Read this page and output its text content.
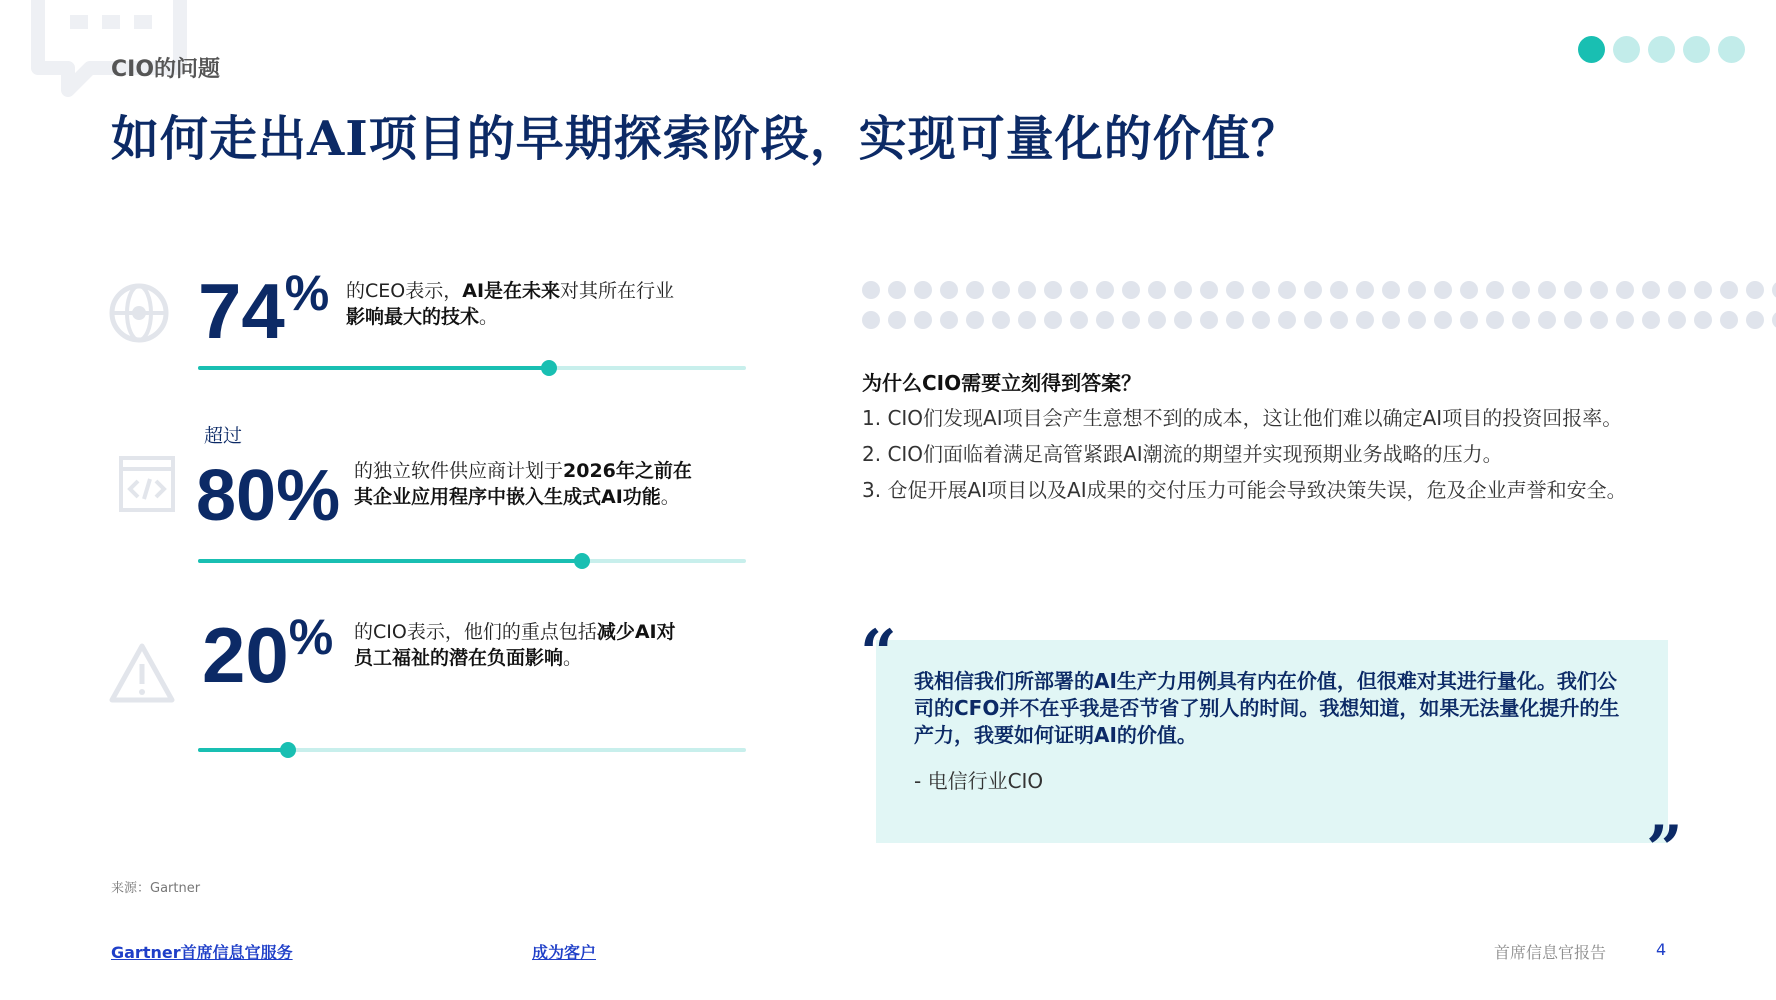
CIO的问题
如何走出AI项目的早期探索阶段，实现可量化的价值？
74% 的CEO表示，AI是在未来对其所在行业
影响最大的技术。
超过
80% 的独立软件供应商计划于2026年之前在
其企业应用程序中嵌入生成式AI功能。
20% 的CIO表示，他们的重点包括减少AI对
员工福祉的潜在负面影响。
为什么CIO需要立刻得到答案？
1. CIO们发现AI项目会产生意想不到的成本，这让他们难以确定AI项目的投资回报率。
2. CIO们面临着满足高管紧跟AI潮流的期望并实现预期业务战略的压力。
3. 仓促开展AI项目以及AI成果的交付压力可能会导致决策失误，危及企业声誉和安全。
“ 我相信我们所部署的AI生产力用例具有内在价值，但很难对其进行量化。我们公司的CFO并不在乎我是否节省了别人的时间。我想知道，如果无法量化提升的生产力，我要如何证明AI的价值。
- 电信行业CIO
”
来源：Gartner
Gartner首席信息官服务	成为客户	首席信息官报告	4
